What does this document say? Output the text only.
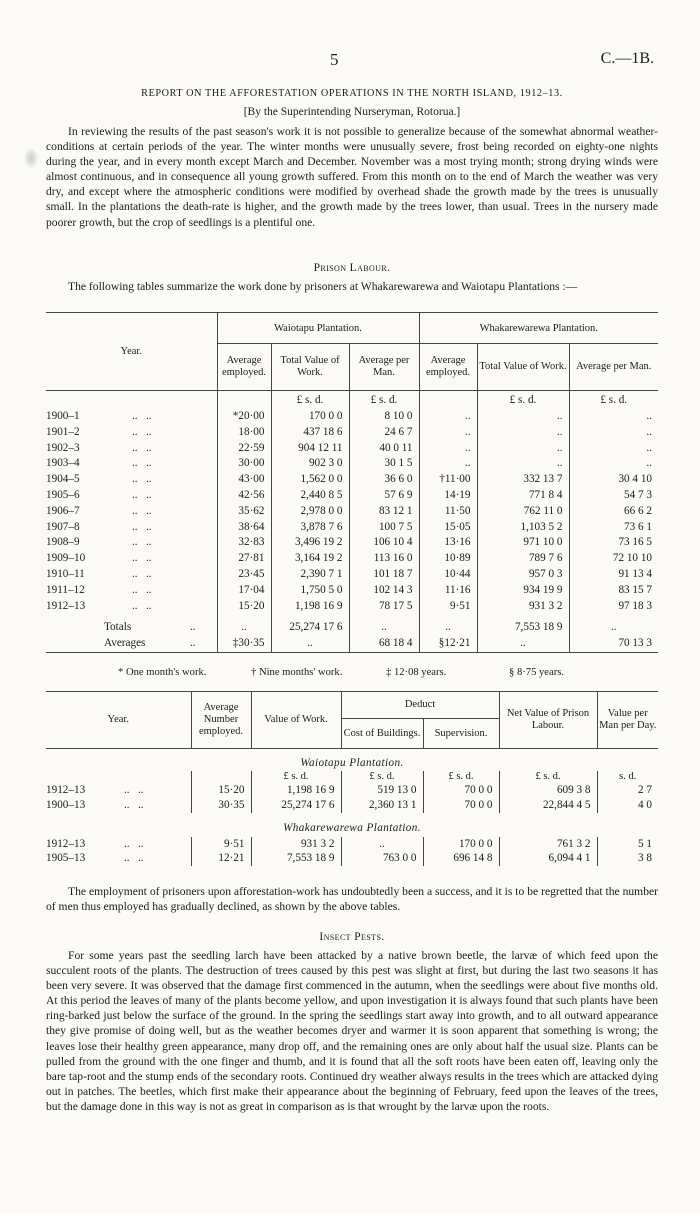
5	C.—1B.
REPORT ON THE AFFORESTATION OPERATIONS IN THE NORTH ISLAND, 1912–13.
[By the Superintending Nurseryman, Rotorua.]

In reviewing the results of the past season's work it is not possible to generalize because of the somewhat abnormal weather-conditions at certain periods of the year. The winter months were unusually severe, frost being recorded on eighty-one nights during the year, and in every month except March and December. November was a most trying month; strong drying winds were almost continuous, and in consequence all young growth suffered. From this month on to the end of March the weather was very dry, and except where the atmospheric conditions were modified by overhead shade the growth made by the trees is unusually small. In the plantations the death-rate is higher, and the growth made by the trees lower, than usual. Trees in the nursery made poorer growth, but the crop of seedlings is a plentiful one.

Prison Labour.

The following tables summarize the work done by prisoners at Whakarewarewa and Waiotapu Plantations :—

Year.	Waiotapu Plantation.			Whakarewarewa Plantation.		
	Average employed.	Total Value of Work.	Average per Man.	Average employed.	Total Value of Work.	Average per Man.
		£ s. d.	£ s. d.		£ s. d.	£ s. d.
1900–1 ..   ..	*20·00	170 0 0	8 10 0	..	..	..
1901–2 ..   ..	18·00	437 18 6	24 6 7	..	..	..
1902–3 ..   ..	22·59	904 12 11	40 0 11	..	..	..
1903–4 ..   ..	30·00	902 3 0	30 1 5	..	..	..
1904–5 ..   ..	43·00	1,562 0 0	36 6 0	†11·00	332 13 7	30 4 10
1905–6 ..   ..	42·56	2,440 8 5	57 6 9	14·19	771 8 4	54 7 3
1906–7 ..   ..	35·62	2,978 0 0	83 12 1	11·50	762 11 0	66 6 2
1907–8 ..   ..	38·64	3,878 7 6	100 7 5	15·05	1,103 5 2	73 6 1
1908–9 ..   ..	32·83	3,496 19 2	106 10 4	13·16	971 10 0	73 16 5
1909–10 ..   ..	27·81	3,164 19 2	113 16 0	10·89	789 7 6	72 10 10
1910–11 ..   ..	23·45	2,390 7 1	101 18 7	10·44	957 0 3	91 13 4
1911–12 ..   ..	17·04	1,750 5 0	102 14 3	11·16	934 19 9	83 15 7
1912–13 ..   ..	15·20	1,198 16 9	78 17 5	9·51	931 3 2	97 18 3

Totals ..	..	25,274 17 6	..	..	7,553 18 9	..
Averages ..	‡30·35	..	68 18 4	§12·21	..	70 13 3
* One month's work.	† Nine months' work.	‡ 12·08 years.	§ 8·75 years.
Year.	Average Number employed.	Value of Work.	Deduct		Net Value of Prison Labour.	Value per Man per Day.
			Cost of Buildings.	Supervision.		
Waiotapu Plantation.						
		£ s. d.	£ s. d.	£ s. d.	£ s. d.	s. d.
1912–13 ..   ..	15·20	1,198 16 9	519 13 0	70 0 0	609 3 8	2 7
1900–13 ..   ..	30·35	25,274 17 6	2,360 13 1	70 0 0	22,844 4 5	4 0
Whakarewarewa Plantation.						
1912–13 ..   ..	9·51	931 3 2	..	170 0 0	761 3 2	5 1
1905–13 ..   ..	12·21	7,553 18 9	763 0 0	696 14 8	6,094 4 1	3 8

The employment of prisoners upon afforestation-work has undoubtedly been a success, and it is to be regretted that the number of men thus employed has gradually declined, as shown by the above tables.

Insect Pests.

For some years past the seedling larch have been attacked by a native brown beetle, the larvæ of which feed upon the succulent roots of the plants. The destruction of trees caused by this pest was slight at first, but during the last two seasons it has been very severe. It was observed that the damage first commenced in the autumn, when the seedlings were about five months old. At this period the leaves of many of the plants become yellow, and upon investigation it is always found that such plants have been ring-barked just below the surface of the ground. In the spring the seedlings start away into growth, and to all outward appearance they give promise of doing well, but as the weather becomes dryer and warmer it is soon apparent that something is wrong; the leaves lose their healthy green appearance, many drop off, and the remaining ones are only about half the usual size. Plants can be pulled from the ground with the one finger and thumb, and it is found that all the soft roots have been eaten off, leaving only the bare tap-root and the stump ends of the secondary roots. Continued dry weather always results in the trees which are attacked dying out in patches. The beetles, which first make their appearance about the beginning of February, feed upon the leaves of the trees, but the damage done in this way is not as great in comparison as is that wrought by the larvæ upon the roots.
